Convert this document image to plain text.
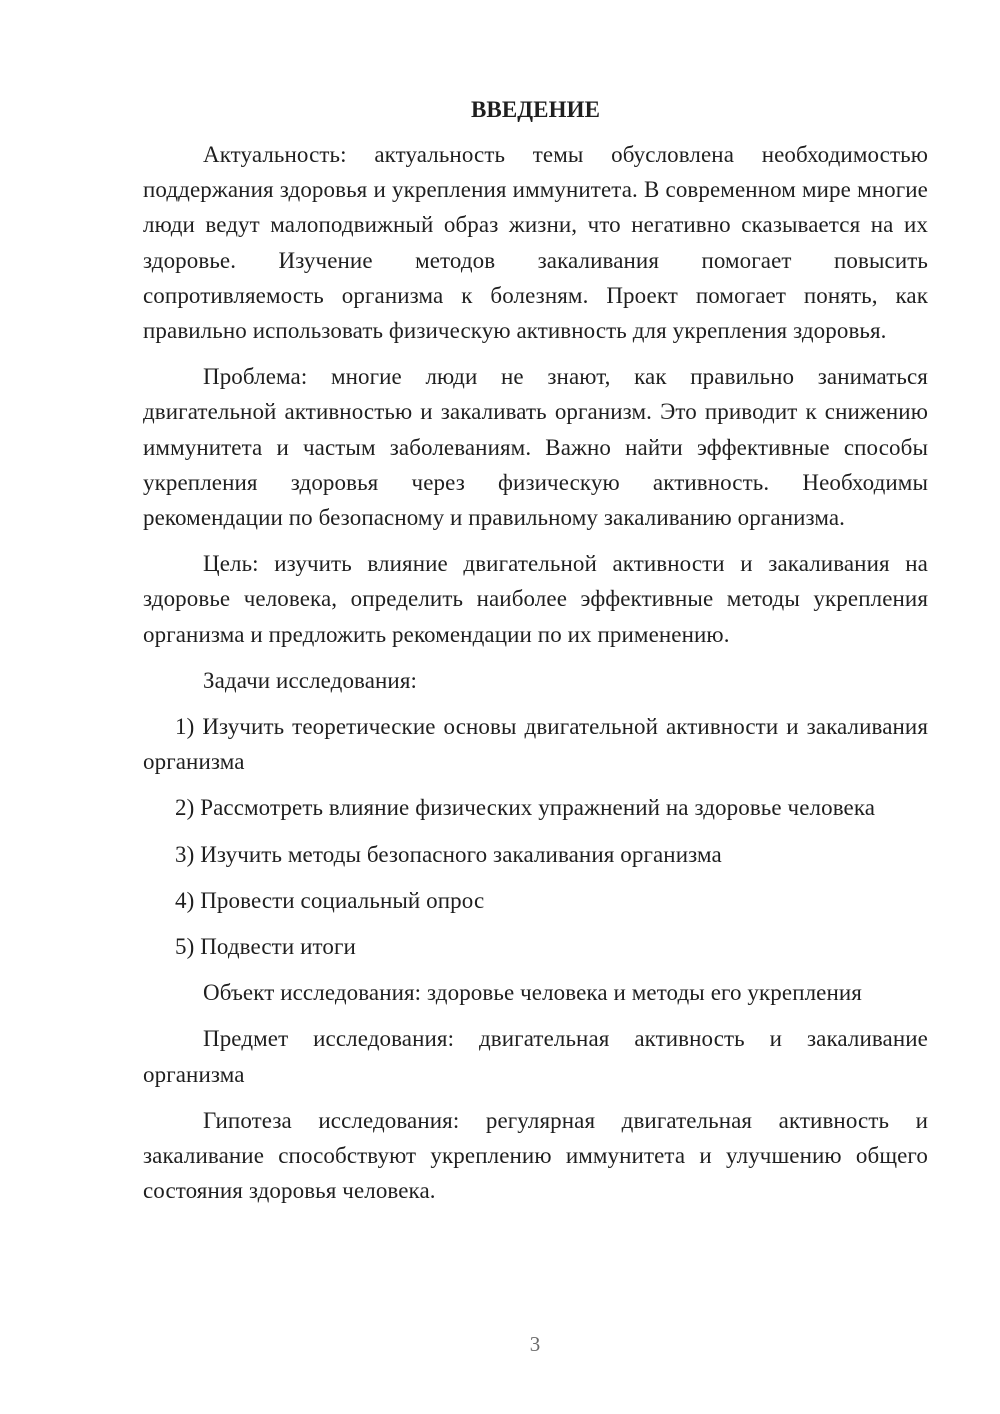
ВВЕДЕНИЕ

Актуальность: актуальность темы обусловлена необходимостью поддержания здоровья и укрепления иммунитета. В современном мире многие люди ведут малоподвижный образ жизни, что негативно сказывается на их здоровье. Изучение методов закаливания помогает повысить сопротивляемость организма к болезням. Проект помогает понять, как правильно использовать физическую активность для укрепления здоровья.

Проблема: многие люди не знают, как правильно заниматься двигательной активностью и закаливать организм. Это приводит к снижению иммунитета и частым заболеваниям. Важно найти эффективные способы укрепления здоровья через физическую активность. Необходимы рекомендации по безопасному и правильному закаливанию организма.

Цель: изучить влияние двигательной активности и закаливания на здоровье человека, определить наиболее эффективные методы укрепления организма и предложить рекомендации по их применению.

Задачи исследования:

1) Изучить теоретические основы двигательной активности и закаливания организма

2) Рассмотреть влияние физических упражнений на здоровье человека

3) Изучить методы безопасного закаливания организма

4) Провести социальный опрос

5) Подвести итоги

Объект исследования: здоровье человека и методы его укрепления

Предмет исследования: двигательная активность и закаливание организма

Гипотеза исследования: регулярная двигательная активность и закаливание способствуют укреплению иммунитета и улучшению общего состояния здоровья человека.

3
